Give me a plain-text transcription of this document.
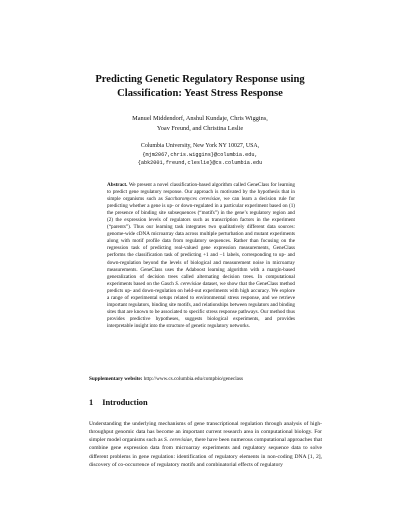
Predicting Genetic Regulatory Response using
Classification: Yeast Stress Response
Manuel Middendorf, Anshul Kundaje, Chris Wiggins,
Yoav Freund, and Christina Leslie
Columbia University, New York NY 10027, USA,
{mjm2067,chris.wiggins}@columbia.edu,
{abk2001,freund,cleslie}@cs.columbia.edu
Abstract. We present a novel classification-based algorithm called GeneClass for learning to predict gene regulatory response. Our approach is motivated by the hypothesis that in simple organisms such as Saccharomyces cerevisiae, we can learn a decision rule for predicting whether a gene is up- or down-regulated in a particular experiment based on (1) the presence of binding site subsequences (“motifs”) in the gene’s regulatory region and (2) the expression levels of regulators such as transcription factors in the experiment (“parents”). Thus our learning task integrates two qualitatively different data sources: genome-wide cDNA microarray data across multiple perturbation and mutant experiments along with motif profile data from regulatory sequences. Rather than focusing on the regression task of predicting real-valued gene expression measurements, GeneClass performs the classification task of predicting +1 and −1 labels, corresponding to up- and down-regulation beyond the levels of biological and measurement noise in microarray measurements. GeneClass uses the Adaboost learning algorithm with a margin-based generalization of decision trees called alternating decision trees. In computational experiments based on the Gasch S. cerevisiae dataset, we show that the GeneClass method predicts up- and down-regulation on held-out experiments with high accuracy. We explore a range of experimental setups related to environmental stress response, and we retrieve important regulators, binding site motifs, and relationships between regulators and binding sites that are known to be associated to specific stress response pathways. Our method thus provides predictive hypotheses, suggests biological experiments, and provides interpretable insight into the structure of genetic regulatory networks.
Supplementary website: http://www.cs.columbia.edu/compbio/geneclass
1 Introduction
Understanding the underlying mechanisms of gene transcriptional regulation through analysis of high-throughput genomic data has become an important current research area in computational biology. For simpler model organisms such as S. cerevisiae, there have been numerous computational approaches that combine gene expression data from microarray experiments and regulatory sequence data to solve different problems in gene regulation: identification of regulatory elements in non-coding DNA [1, 2], discovery of co-occurrence of regulatory motifs and combinatorial effects of regulatory
